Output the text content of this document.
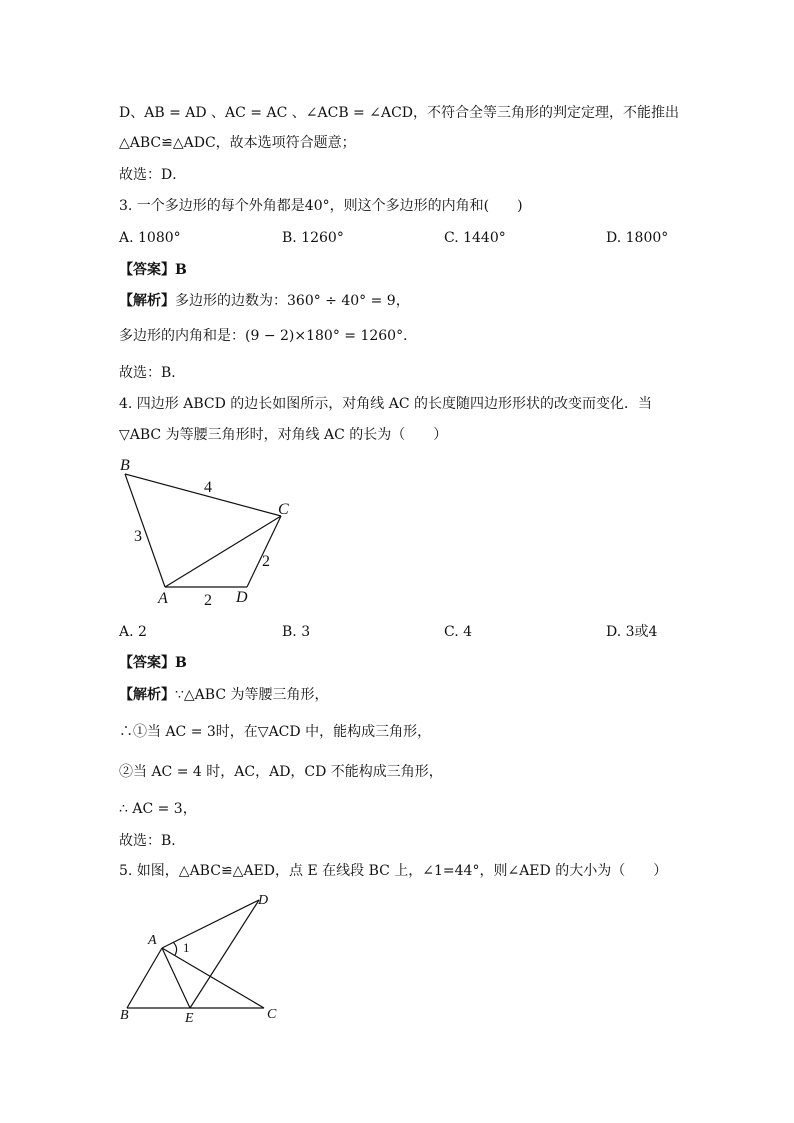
D、AB = AD 、AC = AC 、∠ACB = ∠ACD，不符合全等三角形的判定定理，不能推出
△ABC≌△ADC，故本选项符合题意；
故选：D．
3. 一个多边形的每个外角都是40°，则这个多边形的内角和(　　)
A. 1080°	B. 1260°	C. 1440°	D. 1800°
【答案】B
【解析】多边形的边数为：360° ÷ 40° = 9，
多边形的内角和是：(9 − 2)×180° = 1260°．
故选：B．
4. 四边形 ABCD 的边长如图所示，对角线 AC 的长度随四边形形状的改变而变化．当
▽ABC 为等腰三角形时，对角线 AC 的长为（　　）
B
C
A	D
4
3
2
2
A. 2	B. 3	C. 4	D. 3或4
【答案】B
【解析】∵△ABC 为等腰三角形，
∴①当 AC = 3时，在▽ACD 中，能构成三角形，
②当 AC = 4 时，AC，AD，CD 不能构成三角形，
∴ AC = 3，
故选：B．
5. 如图，△ABC≌△AED，点 E 在线段 BC 上，∠1=44°，则∠AED 的大小为（　　）
A
D
B	E	C
1
